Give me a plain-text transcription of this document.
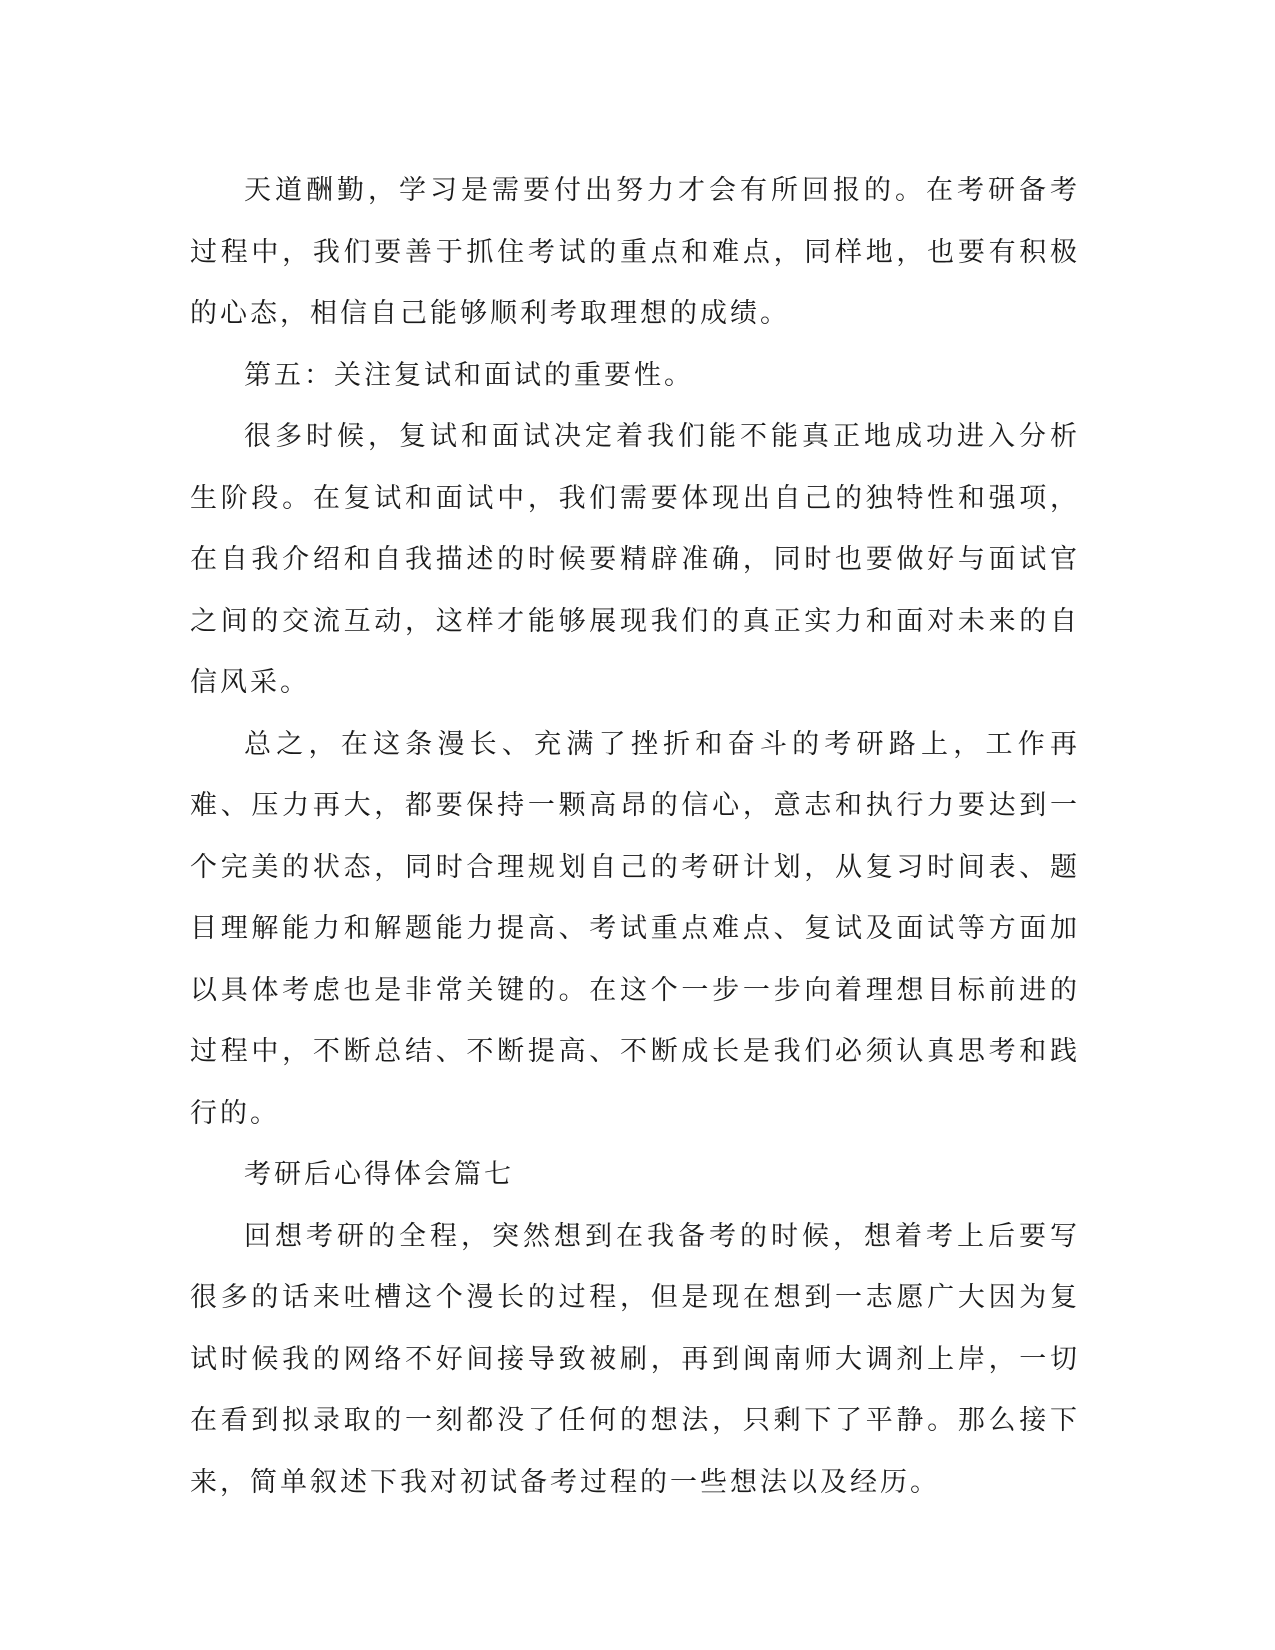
天道酬勤，学习是需要付出努力才会有所回报的。在考研备考过程中，我们要善于抓住考试的重点和难点，同样地，也要有积极的心态，相信自己能够顺利考取理想的成绩。

第五：关注复试和面试的重要性。

很多时候，复试和面试决定着我们能不能真正地成功进入分析生阶段。在复试和面试中，我们需要体现出自己的独特性和强项，在自我介绍和自我描述的时候要精辟准确，同时也要做好与面试官之间的交流互动，这样才能够展现我们的真正实力和面对未来的自信风采。

总之，在这条漫长、充满了挫折和奋斗的考研路上，工作再难、压力再大，都要保持一颗高昂的信心，意志和执行力要达到一个完美的状态，同时合理规划自己的考研计划，从复习时间表、题目理解能力和解题能力提高、考试重点难点、复试及面试等方面加以具体考虑也是非常关键的。在这个一步一步向着理想目标前进的过程中，不断总结、不断提高、不断成长是我们必须认真思考和践行的。

考研后心得体会篇七

回想考研的全程，突然想到在我备考的时候，想着考上后要写很多的话来吐槽这个漫长的过程，但是现在想到一志愿广大因为复试时候我的网络不好间接导致被刷，再到闽南师大调剂上岸，一切在看到拟录取的一刻都没了任何的想法，只剩下了平静。那么接下来，简单叙述下我对初试备考过程的一些想法以及经历。
